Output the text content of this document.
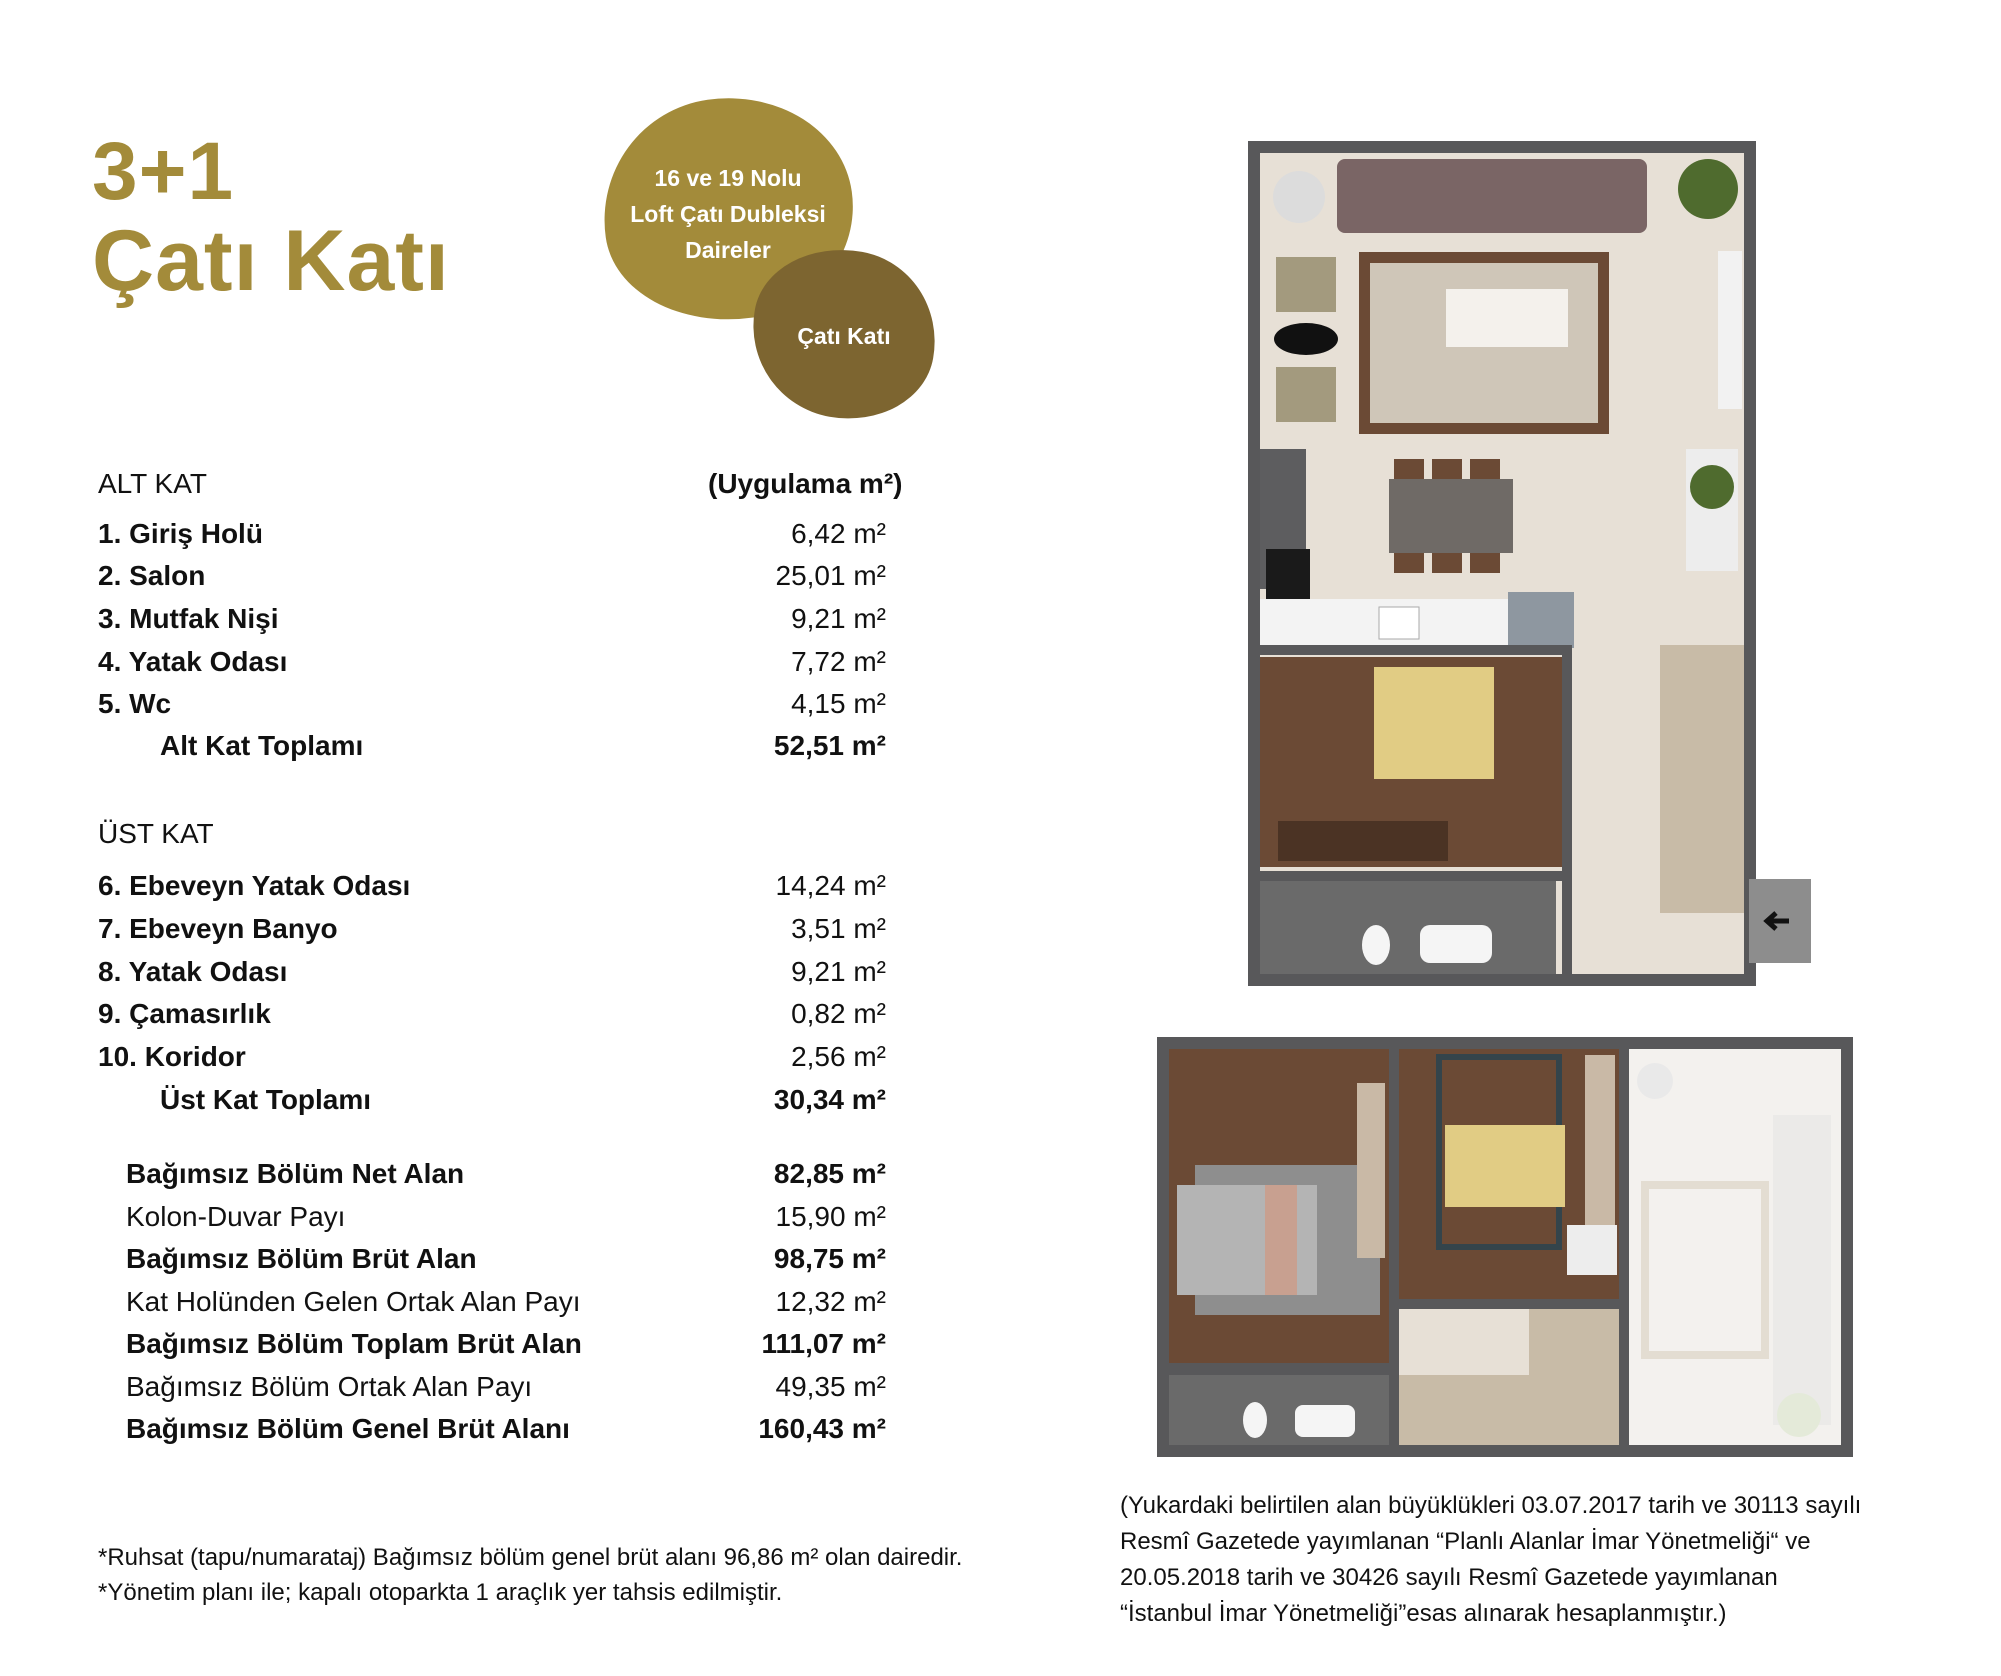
3+1
Çatı Katı
16 ve 19 Nolu
Loft Çatı Dubleksi
Daireler
Çatı Katı
ALT KAT	(Uygulama m²)
1. Giriş Holü	6,42 m²
2. Salon	25,01 m²
3. Mutfak Nişi	9,21 m²
4. Yatak Odası	7,72 m²
5. Wc	4,15 m²
Alt Kat Toplamı	52,51 m²
ÜST KAT
6. Ebeveyn Yatak Odası	14,24 m²
7. Ebeveyn Banyo	3,51 m²
8. Yatak Odası	9,21 m²
9. Çamasırlık	0,82 m²
10. Koridor	2,56 m²
Üst Kat Toplamı	30,34 m²
Bağımsız Bölüm Net Alan	82,85 m²
Kolon-Duvar Payı	15,90 m²
Bağımsız Bölüm Brüt Alan	98,75 m²
Kat Holünden Gelen Ortak Alan Payı	12,32 m²
Bağımsız Bölüm Toplam Brüt Alan	111,07 m²
Bağımsız Bölüm Ortak Alan Payı	49,35 m²
Bağımsız Bölüm Genel Brüt Alanı	160,43 m²
*Ruhsat (tapu/numarataj) Bağımsız bölüm genel brüt alanı 96,86 m² olan dairedir.
*Yönetim planı ile; kapalı otoparkta 1 araçlık yer tahsis edilmiştir.
(Yukardaki belirtilen alan büyüklükleri 03.07.2017 tarih ve 30113 sayılı
Resmî Gazetede yayımlanan “Planlı Alanlar İmar Yönetmeliği“ ve
20.05.2018 tarih ve 30426 sayılı Resmî Gazetede yayımlanan
“İstanbul İmar Yönetmeliği”esas alınarak hesaplanmıştır.)
